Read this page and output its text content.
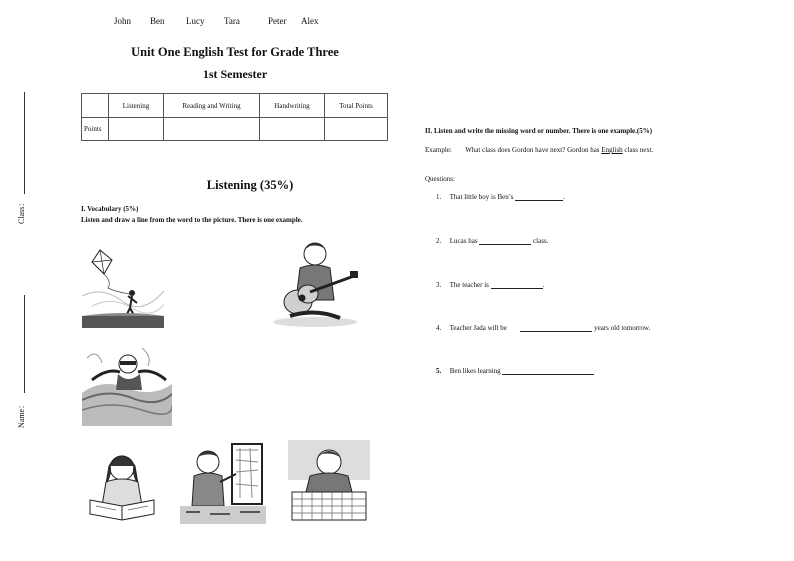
John Ben Lucy Tara	Peter Alex
Unit One English Test for Grade Three
1st Semester
	Listening	Reading and Writing	Handwriting	Total Points
Points				
Class：
Name：
Listening (35%)
I. Vocabulary (5%)
Listen and draw a line from the word to the picture. There is one example.
II. Listen and write the missing word or number. There is one example.(5%)
Example: What class does Gordon have next? Gordon has English class next.
Questions:
1. That little boy is Ben’s	.
2. Lucas has	class.
3. The teacher is	.
4. Teacher Jada will be	years old tomorrow.
5. Ben likes learning
